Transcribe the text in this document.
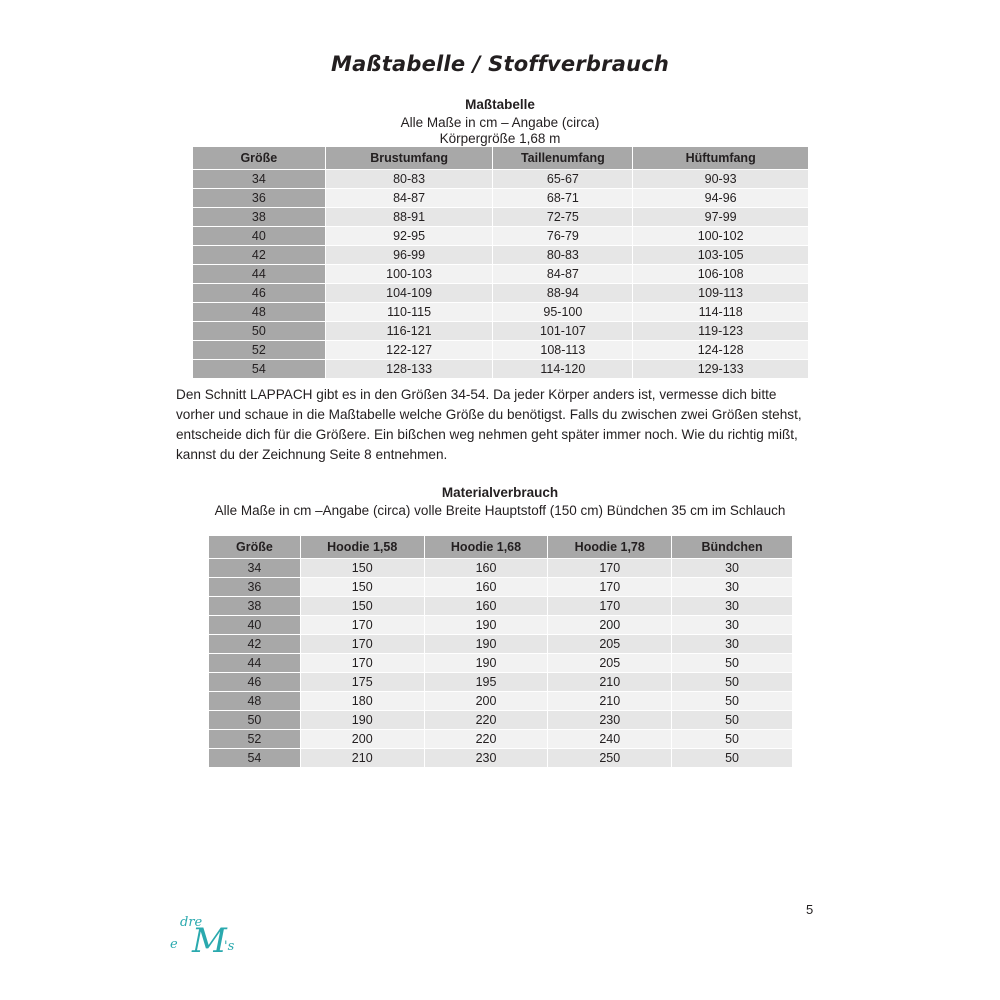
Maßtabelle / Stoffverbrauch
Maßtabelle
Alle Maße in cm – Angabe (circa)
Körpergröße 1,68 m
Größe	Brustumfang	Taillenumfang	Hüftumfang
34	80-83	65-67	90-93
36	84-87	68-71	94-96
38	88-91	72-75	97-99
40	92-95	76-79	100-102
42	96-99	80-83	103-105
44	100-103	84-87	106-108
46	104-109	88-94	109-113
48	110-115	95-100	114-118
50	116-121	101-107	119-123
52	122-127	108-113	124-128
54	128-133	114-120	129-133
Den Schnitt LAPPACH gibt es in den Größen 34-54. Da jeder Körper anders ist, vermesse dich bitte vorher und schaue in die Maßtabelle welche Größe du benötigst. Falls du zwischen zwei Größen stehst, entscheide dich für die Größere. Ein bißchen weg nehmen geht später immer noch. Wie du richtig mißt, kannst du der Zeichnung Seite 8 entnehmen.
Materialverbrauch
Alle Maße in cm –Angabe (circa) volle Breite Hauptstoff (150 cm) Bündchen 35 cm im Schlauch
Größe	Hoodie 1,58	Hoodie 1,68	Hoodie 1,78	Bündchen
34	150	160	170	30
36	150	160	170	30
38	150	160	170	30
40	170	190	200	30
42	170	190	205	30
44	170	190	205	50
46	175	195	210	50
48	180	200	210	50
50	190	220	230	50
52	200	220	240	50
54	210	230	250	50
5
dre
e M
's
